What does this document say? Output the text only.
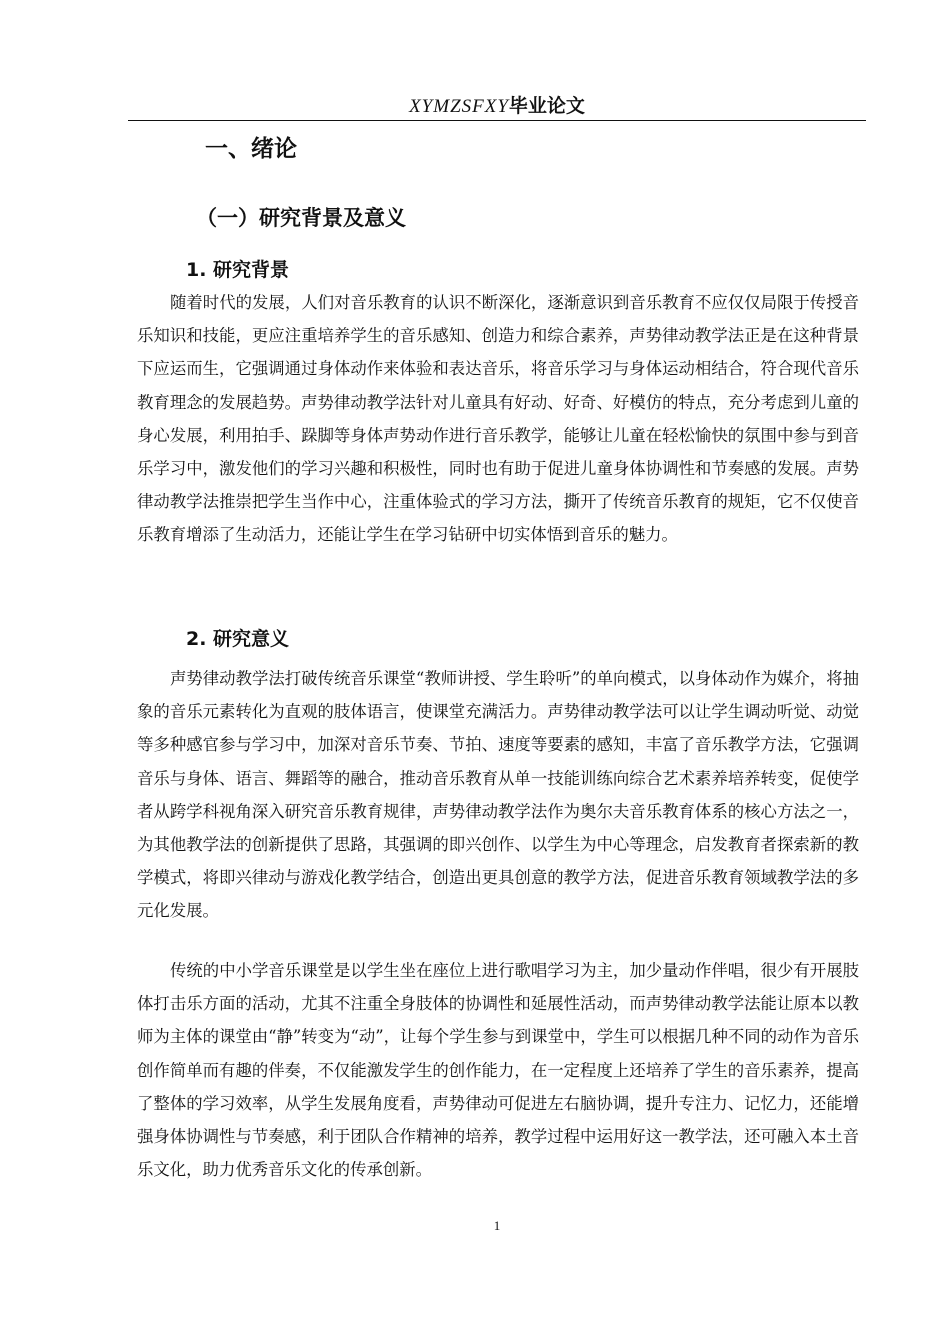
XYMZSFXY毕业论文
一、绪论
（一）研究背景及意义
1. 研究背景

随着时代的发展，人们对音乐教育的认识不断深化，逐渐意识到音乐教育不应仅仅局限于传授音乐知识和技能，更应注重培养学生的音乐感知、创造力和综合素养，声势律动教学法正是在这种背景下应运而生，它强调通过身体动作来体验和表达音乐，将音乐学习与身体运动相结合，符合现代音乐教育理念的发展趋势。声势律动教学法针对儿童具有好动、好奇、好模仿的特点，充分考虑到儿童的身心发展，利用拍手、跺脚等身体声势动作进行音乐教学，能够让儿童在轻松愉快的氛围中参与到音乐学习中，激发他们的学习兴趣和积极性，同时也有助于促进儿童身体协调性和节奏感的发展。声势律动教学法推崇把学生当作中心，注重体验式的学习方法，撕开了传统音乐教育的规矩，它不仅使音乐教育增添了生动活力，还能让学生在学习钻研中切实体悟到音乐的魅力。

2. 研究意义

声势律动教学法打破传统音乐课堂“教师讲授、学生聆听”的单向模式，以身体动作为媒介，将抽象的音乐元素转化为直观的肢体语言，使课堂充满活力。声势律动教学法可以让学生调动听觉、动觉等多种感官参与学习中，加深对音乐节奏、节拍、速度等要素的感知，丰富了音乐教学方法，它强调音乐与身体、语言、舞蹈等的融合，推动音乐教育从单一技能训练向综合艺术素养培养转变，促使学者从跨学科视角深入研究音乐教育规律，声势律动教学法作为奥尔夫音乐教育体系的核心方法之一，为其他教学法的创新提供了思路，其强调的即兴创作、以学生为中心等理念，启发教育者探索新的教学模式，将即兴律动与游戏化教学结合，创造出更具创意的教学方法，促进音乐教育领域教学法的多元化发展。

传统的中小学音乐课堂是以学生坐在座位上进行歌唱学习为主，加少量动作伴唱，很少有开展肢体打击乐方面的活动，尤其不注重全身肢体的协调性和延展性活动，而声势律动教学法能让原本以教师为主体的课堂由“静”转变为“动”，让每个学生参与到课堂中，学生可以根据几种不同的动作为音乐创作简单而有趣的伴奏，不仅能激发学生的创作能力，在一定程度上还培养了学生的音乐素养，提高了整体的学习效率，从学生发展角度看，声势律动可促进左右脑协调，提升专注力、记忆力，还能增强身体协调性与节奏感，利于团队合作精神的培养，教学过程中运用好这一教学法，还可融入本土音乐文化，助力优秀音乐文化的传承创新。

1
